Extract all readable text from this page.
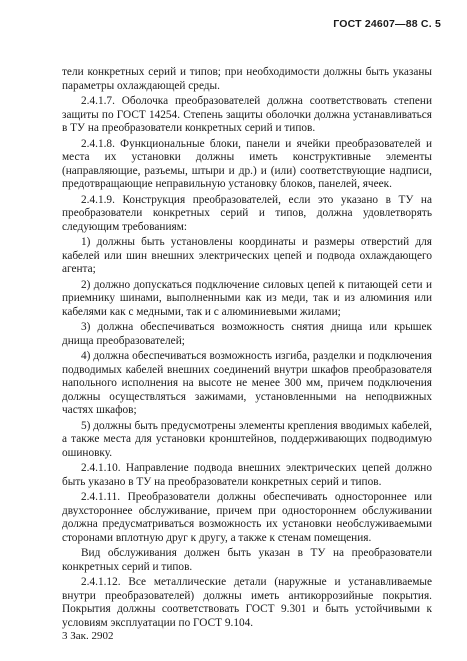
ГОСТ 24607—88 С. 5

тели конкретных серий и типов; при необходимости должны быть указаны параметры охлаждающей среды.

2.4.1.7. Оболочка преобразователей должна соответствовать степени защиты по ГОСТ 14254. Степень защиты оболочки должна устанавливаться в ТУ на преобразователи конкретных серий и типов.

2.4.1.8. Функциональные блоки, панели и ячейки преобразователей и места их установки должны иметь конструктивные элементы (направляющие, разъемы, штыри и др.) и (или) соответствующие надписи, предотвращающие неправильную установку блоков, панелей, ячеек.

2.4.1.9. Конструкция преобразователей, если это указано в ТУ на преобразователи конкретных серий и типов, должна удовлетворять следующим требованиям:

1) должны быть установлены координаты и размеры отверстий для кабелей или шин внешних электрических цепей и подвода охлаждающего агента;

2) должно допускаться подключение силовых цепей к питающей сети и приемнику шинами, выполненными как из меди, так и из алюминия или кабелями как с медными, так и с алюминиевыми жилами;

3) должна обеспечиваться возможность снятия днища или крышек днища преобразователей;

4) должна обеспечиваться возможность изгиба, разделки и подключения подводимых кабелей внешних соединений внутри шкафов преобразователя напольного исполнения на высоте не менее 300 мм, причем подключения должны осуществляться зажимами, установленными на неподвижных частях шкафов;

5) должны быть предусмотрены элементы крепления вводимых кабелей, а также места для установки кронштейнов, поддерживающих подводимую ошиновку.

2.4.1.10. Направление подвода внешних электрических цепей должно быть указано в ТУ на преобразователи конкретных серий и типов.

2.4.1.11. Преобразователи должны обеспечивать одностороннее или двухстороннее обслуживание, причем при одностороннем обслуживании должна предусматриваться возможность их установки необслуживаемыми сторонами вплотную друг к другу, а также к стенам помещения.

Вид обслуживания должен быть указан в ТУ на преобразователи конкретных серий и типов.

2.4.1.12. Все металлические детали (наружные и устанавливаемые внутри преобразователей) должны иметь антикоррозийные покрытия. Покрытия должны соответствовать ГОСТ 9.301 и быть устойчивыми к условиям эксплуатации по ГОСТ 9.104.

3 Зак. 2902
